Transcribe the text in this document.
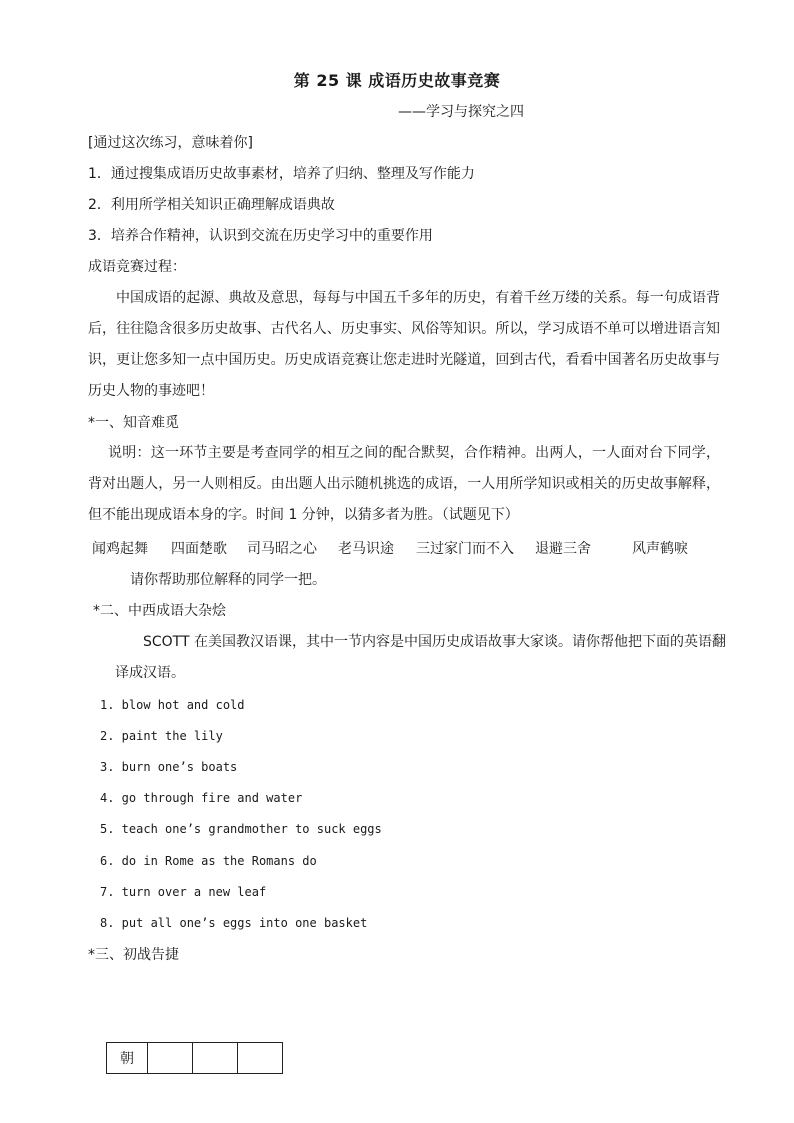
第 25 课 成语历史故事竞赛
——学习与探究之四
[通过这次练习，意味着你]
1．通过搜集成语历史故事素材，培养了归纳、整理及写作能力
2．利用所学相关知识正确理解成语典故
3．培养合作精神，认识到交流在历史学习中的重要作用
成语竞赛过程：
中国成语的起源、典故及意思，每每与中国五千多年的历史，有着千丝万缕的关系。每一句成语背后，往往隐含很多历史故事、古代名人、历史事实、风俗等知识。所以，学习成语不单可以增进语言知识，更让您多知一点中国历史。历史成语竞赛让您走进时光隧道，回到古代，看看中国著名历史故事与历史人物的事迹吧！
*一、知音难觅
说明：这一环节主要是考查同学的相互之间的配合默契，合作精神。出两人，一人面对台下同学，背对出题人，另一人则相反。由出题人出示随机挑选的成语，一人用所学知识或相关的历史故事解释，但不能出现成语本身的字。时间 1 分钟，以猜多者为胜。（试题见下）
闻鸡起舞 四面楚歌 司马昭之心 老马识途 三过家门而不入 退避三舍	风声鹤唳
请你帮助那位解释的同学一把。
*二、中西成语大杂烩
SCOTT 在美国教汉语课，其中一节内容是中国历史成语故事大家谈。请你帮他把下面的英语翻
译成汉语。
1. blow hot and cold
2. paint the lily
3. burn one’s boats
4. go through fire and water
5. teach one’s grandmother to suck eggs
6. do in Rome as the Romans do
7. turn over a new leaf
8. put all one’s eggs into one basket
*三、初战告捷
朝			
